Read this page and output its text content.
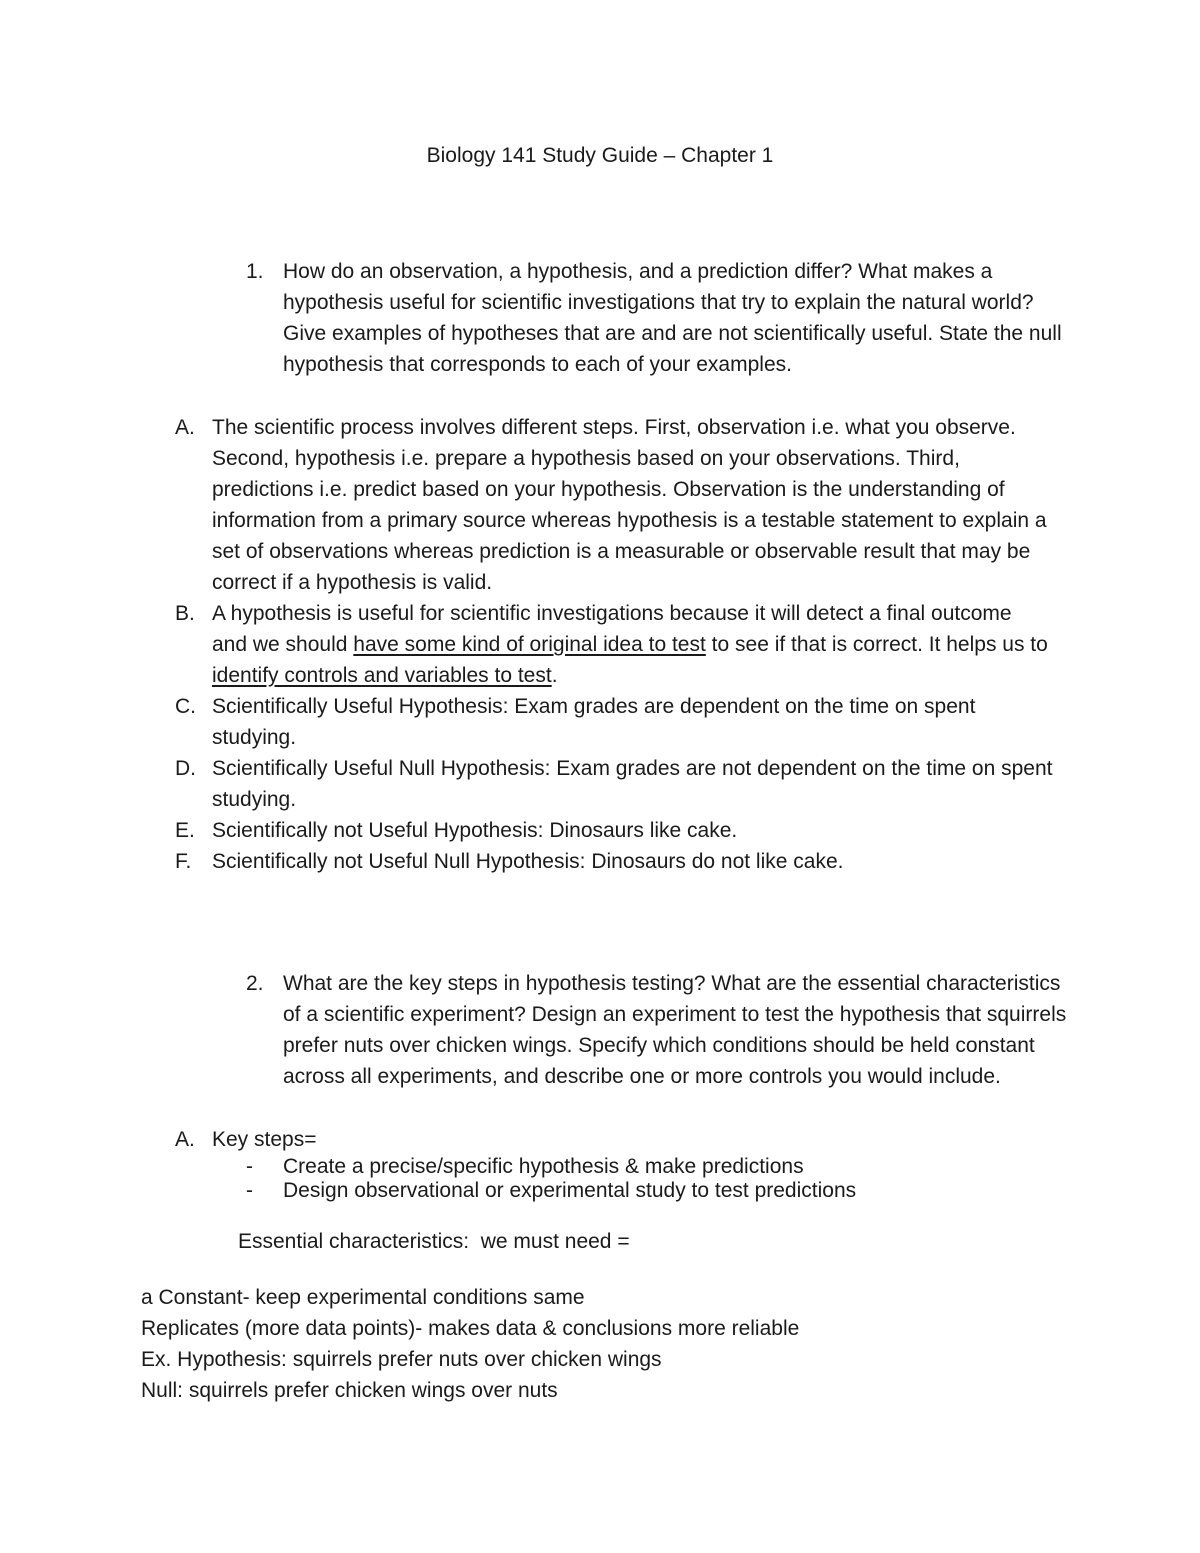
Biology 141 Study Guide – Chapter 1
1. How do an observation, a hypothesis, and a prediction differ? What makes a hypothesis useful for scientific investigations that try to explain the natural world? Give examples of hypotheses that are and are not scientifically useful. State the null hypothesis that corresponds to each of your examples.
A. The scientific process involves different steps. First, observation i.e. what you observe. Second, hypothesis i.e. prepare a hypothesis based on your observations. Third, predictions i.e. predict based on your hypothesis. Observation is the understanding of information from a primary source whereas hypothesis is a testable statement to explain a set of observations whereas prediction is a measurable or observable result that may be correct if a hypothesis is valid.
B. A hypothesis is useful for scientific investigations because it will detect a final outcome and we should have some kind of original idea to test to see if that is correct. It helps us to identify controls and variables to test.
C. Scientifically Useful Hypothesis: Exam grades are dependent on the time on spent studying.
D. Scientifically Useful Null Hypothesis: Exam grades are not dependent on the time on spent studying.
E. Scientifically not Useful Hypothesis: Dinosaurs like cake.
F. Scientifically not Useful Null Hypothesis: Dinosaurs do not like cake.
2. What are the key steps in hypothesis testing? What are the essential characteristics of a scientific experiment? Design an experiment to test the hypothesis that squirrels prefer nuts over chicken wings. Specify which conditions should be held constant across all experiments, and describe one or more controls you would include.
A. Key steps=
- Create a precise/specific hypothesis & make predictions
- Design observational or experimental study to test predictions
Essential characteristics:  we must need =
a Constant- keep experimental conditions same
Replicates (more data points)- makes data & conclusions more reliable
Ex. Hypothesis: squirrels prefer nuts over chicken wings
Null: squirrels prefer chicken wings over nuts
